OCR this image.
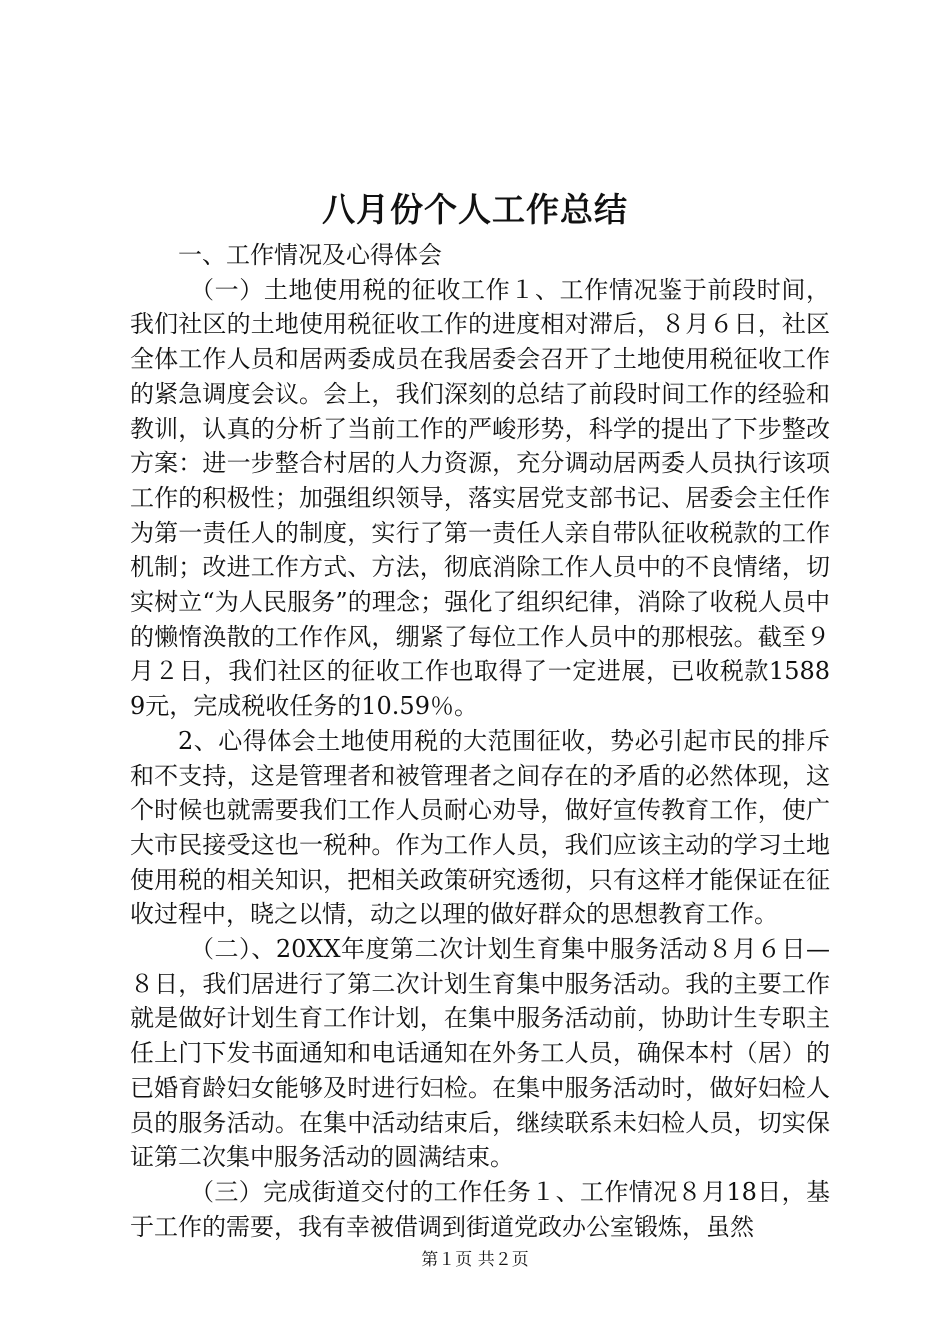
八月份个人工作总结

一、工作情况及心得体会

（一）土地使用税的征收工作１、工作情况鉴于前段时间，我们社区的土地使用税征收工作的进度相对滞后，８月６日，社区全体工作人员和居两委成员在我居委会召开了土地使用税征收工作的紧急调度会议。会上，我们深刻的总结了前段时间工作的经验和教训，认真的分析了当前工作的严峻形势，科学的提出了下步整改方案：进一步整合村居的人力资源，充分调动居两委人员执行该项工作的积极性；加强组织领导，落实居党支部书记、居委会主任作为第一责任人的制度，实行了第一责任人亲自带队征收税款的工作机制；改进工作方式、方法，彻底消除工作人员中的不良情绪，切实树立“为人民服务”的理念；强化了组织纪律，消除了收税人员中的懒惰涣散的工作作风，绷紧了每位工作人员中的那根弦。截至９月２日，我们社区的征收工作也取得了一定进展，已收税款15889元，完成税收任务的10.59％。

2、心得体会土地使用税的大范围征收，势必引起市民的排斥和不支持，这是管理者和被管理者之间存在的矛盾的必然体现，这个时候也就需要我们工作人员耐心劝导，做好宣传教育工作，使广大市民接受这也一税种。作为工作人员，我们应该主动的学习土地使用税的相关知识，把相关政策研究透彻，只有这样才能保证在征收过程中，晓之以情，动之以理的做好群众的思想教育工作。

（二）、20XX年度第二次计划生育集中服务活动８月６日—８日，我们居进行了第二次计划生育集中服务活动。我的主要工作就是做好计划生育工作计划，在集中服务活动前，协助计生专职主任上门下发书面通知和电话通知在外务工人员，确保本村（居）的已婚育龄妇女能够及时进行妇检。在集中服务活动时，做好妇检人员的服务活动。在集中活动结束后，继续联系未妇检人员，切实保证第二次集中服务活动的圆满结束。

（三）完成街道交付的工作任务１、工作情况８月18日，基于工作的需要，我有幸被借调到街道党政办公室锻炼，虽然

第１页 共２页
